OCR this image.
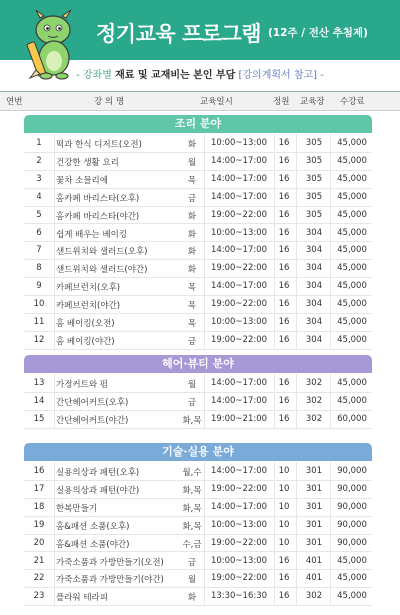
정기교육 프로그램 (12주 / 전산 추첨제)
- 강좌별 재료 및 교재비는 본인 부담 [강의계획서 참고] -
연번	강 의 명	교육일시	정원 교육장 수강료
조리 분야
1	떡과 한식 디저트(오전)	화	10:00~13:00	16	305	45,000
2	건강한 생활 요리	월	14:00~17:00	16	305	45,000
3	꽃차 소믈리에	목	14:00~17:00	16	305	45,000
4	홈카페 바리스타(오후)	금	14:00~17:00	16	305	45,000
5	홈카페 바리스타(야간)	화	19:00~22:00	16	305	45,000
6	쉽게 배우는 베이킹	화	10:00~13:00	16	304	45,000
7	샌드위치와 샐러드(오후)	화	14:00~17:00	16	304	45,000
8	샌드위치와 샐러드(야간)	화	19:00~22:00	16	304	45,000
9	카페브런치(오후)	목	14:00~17:00	16	304	45,000
10	카페브런치(야간)	목	19:00~22:00	16	304	45,000
11	홈 베이킹(오전)	목	10:00~13:00	16	304	45,000
12	홈 베이킹(야간)	금	19:00~22:00	16	304	45,000
헤어·뷰티 분야
13	가정커트와 펌	월	14:00~17:00	16	302	45,000
14	간단헤어커트(오후)	금	14:00~17:00	16	302	45,000
15	간단헤어커트(야간)	화,목	19:00~21:00	16	302	60,000
기술·실용 분야
16	실용의상과 패턴(오후)	월,수	14:00~17:00	10	301	90,000
17	실용의상과 패턴(야간)	화,목	19:00~22:00	10	301	90,000
18	한복만들기	화,목	14:00~17:00	10	301	90,000
19	홈&패션 소품(오후)	화,목	10:00~13:00	10	301	90,000
20	홈&패션 소품(야간)	수,금	19:00~22:00	10	301	90,000
21	가죽소품과 가방만들기(오전)	금	10:00~13:00	16	401	45,000
22	가죽소품과 가방만들기(야간)	월	19:00~22:00	16	401	45,000
23	플라워 테라피	화	13:30~16:30	16	302	45,000
